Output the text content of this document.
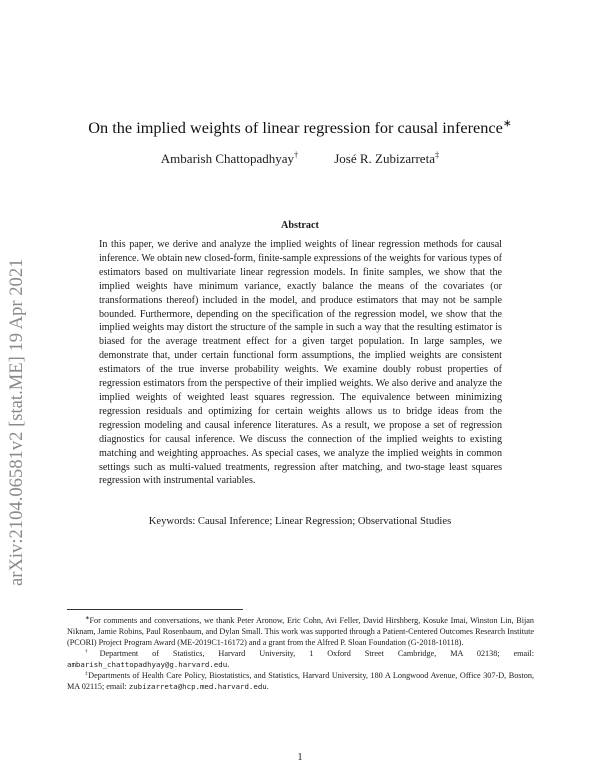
arXiv:2104.06581v2 [stat.ME] 19 Apr 2021
On the implied weights of linear regression for causal inference∗
Ambarish Chattopadhyay†	José R. Zubizarreta‡
Abstract
In this paper, we derive and analyze the implied weights of linear regression methods for causal inference. We obtain new closed-form, finite-sample expressions of the weights for various types of estimators based on multivariate linear regression models. In finite samples, we show that the implied weights have minimum variance, exactly balance the means of the covariates (or transformations thereof) included in the model, and produce estimators that may not be sample bounded. Furthermore, depending on the specification of the regression model, we show that the implied weights may distort the structure of the sample in such a way that the resulting estimator is biased for the average treatment effect for a given target population. In large samples, we demonstrate that, under certain functional form assumptions, the implied weights are consistent estimators of the true inverse probability weights. We examine doubly robust properties of regression estimators from the perspective of their implied weights. We also derive and analyze the implied weights of weighted least squares regression. The equivalence between minimizing regression residuals and optimizing for certain weights allows us to bridge ideas from the regression modeling and causal inference literatures. As a result, we propose a set of regression diagnostics for causal inference. We discuss the connection of the implied weights to existing matching and weighting approaches. As special cases, we analyze the implied weights in common settings such as multi-valued treatments, regression after matching, and two-stage least squares regression with instrumental variables.
Keywords: Causal Inference; Linear Regression; Observational Studies

∗For comments and conversations, we thank Peter Aronow, Eric Cohn, Avi Feller, David Hirshberg, Kosuke Imai, Winston Lin, Bijan Niknam, Jamie Robins, Paul Rosenbaum, and Dylan Small. This work was supported through a Patient-Centered Outcomes Research Institute (PCORI) Project Program Award (ME-2019C1-16172) and a grant from the Alfred P. Sloan Foundation (G-2018-10118).

†Department of Statistics, Harvard University, 1 Oxford Street Cambridge, MA 02138; email: ambarish_chattopadhyay@g.harvard.edu.

‡Departments of Health Care Policy, Biostatistics, and Statistics, Harvard University, 180 A Longwood Avenue, Office 307-D, Boston, MA 02115; email: zubizarreta@hcp.med.harvard.edu.

1
